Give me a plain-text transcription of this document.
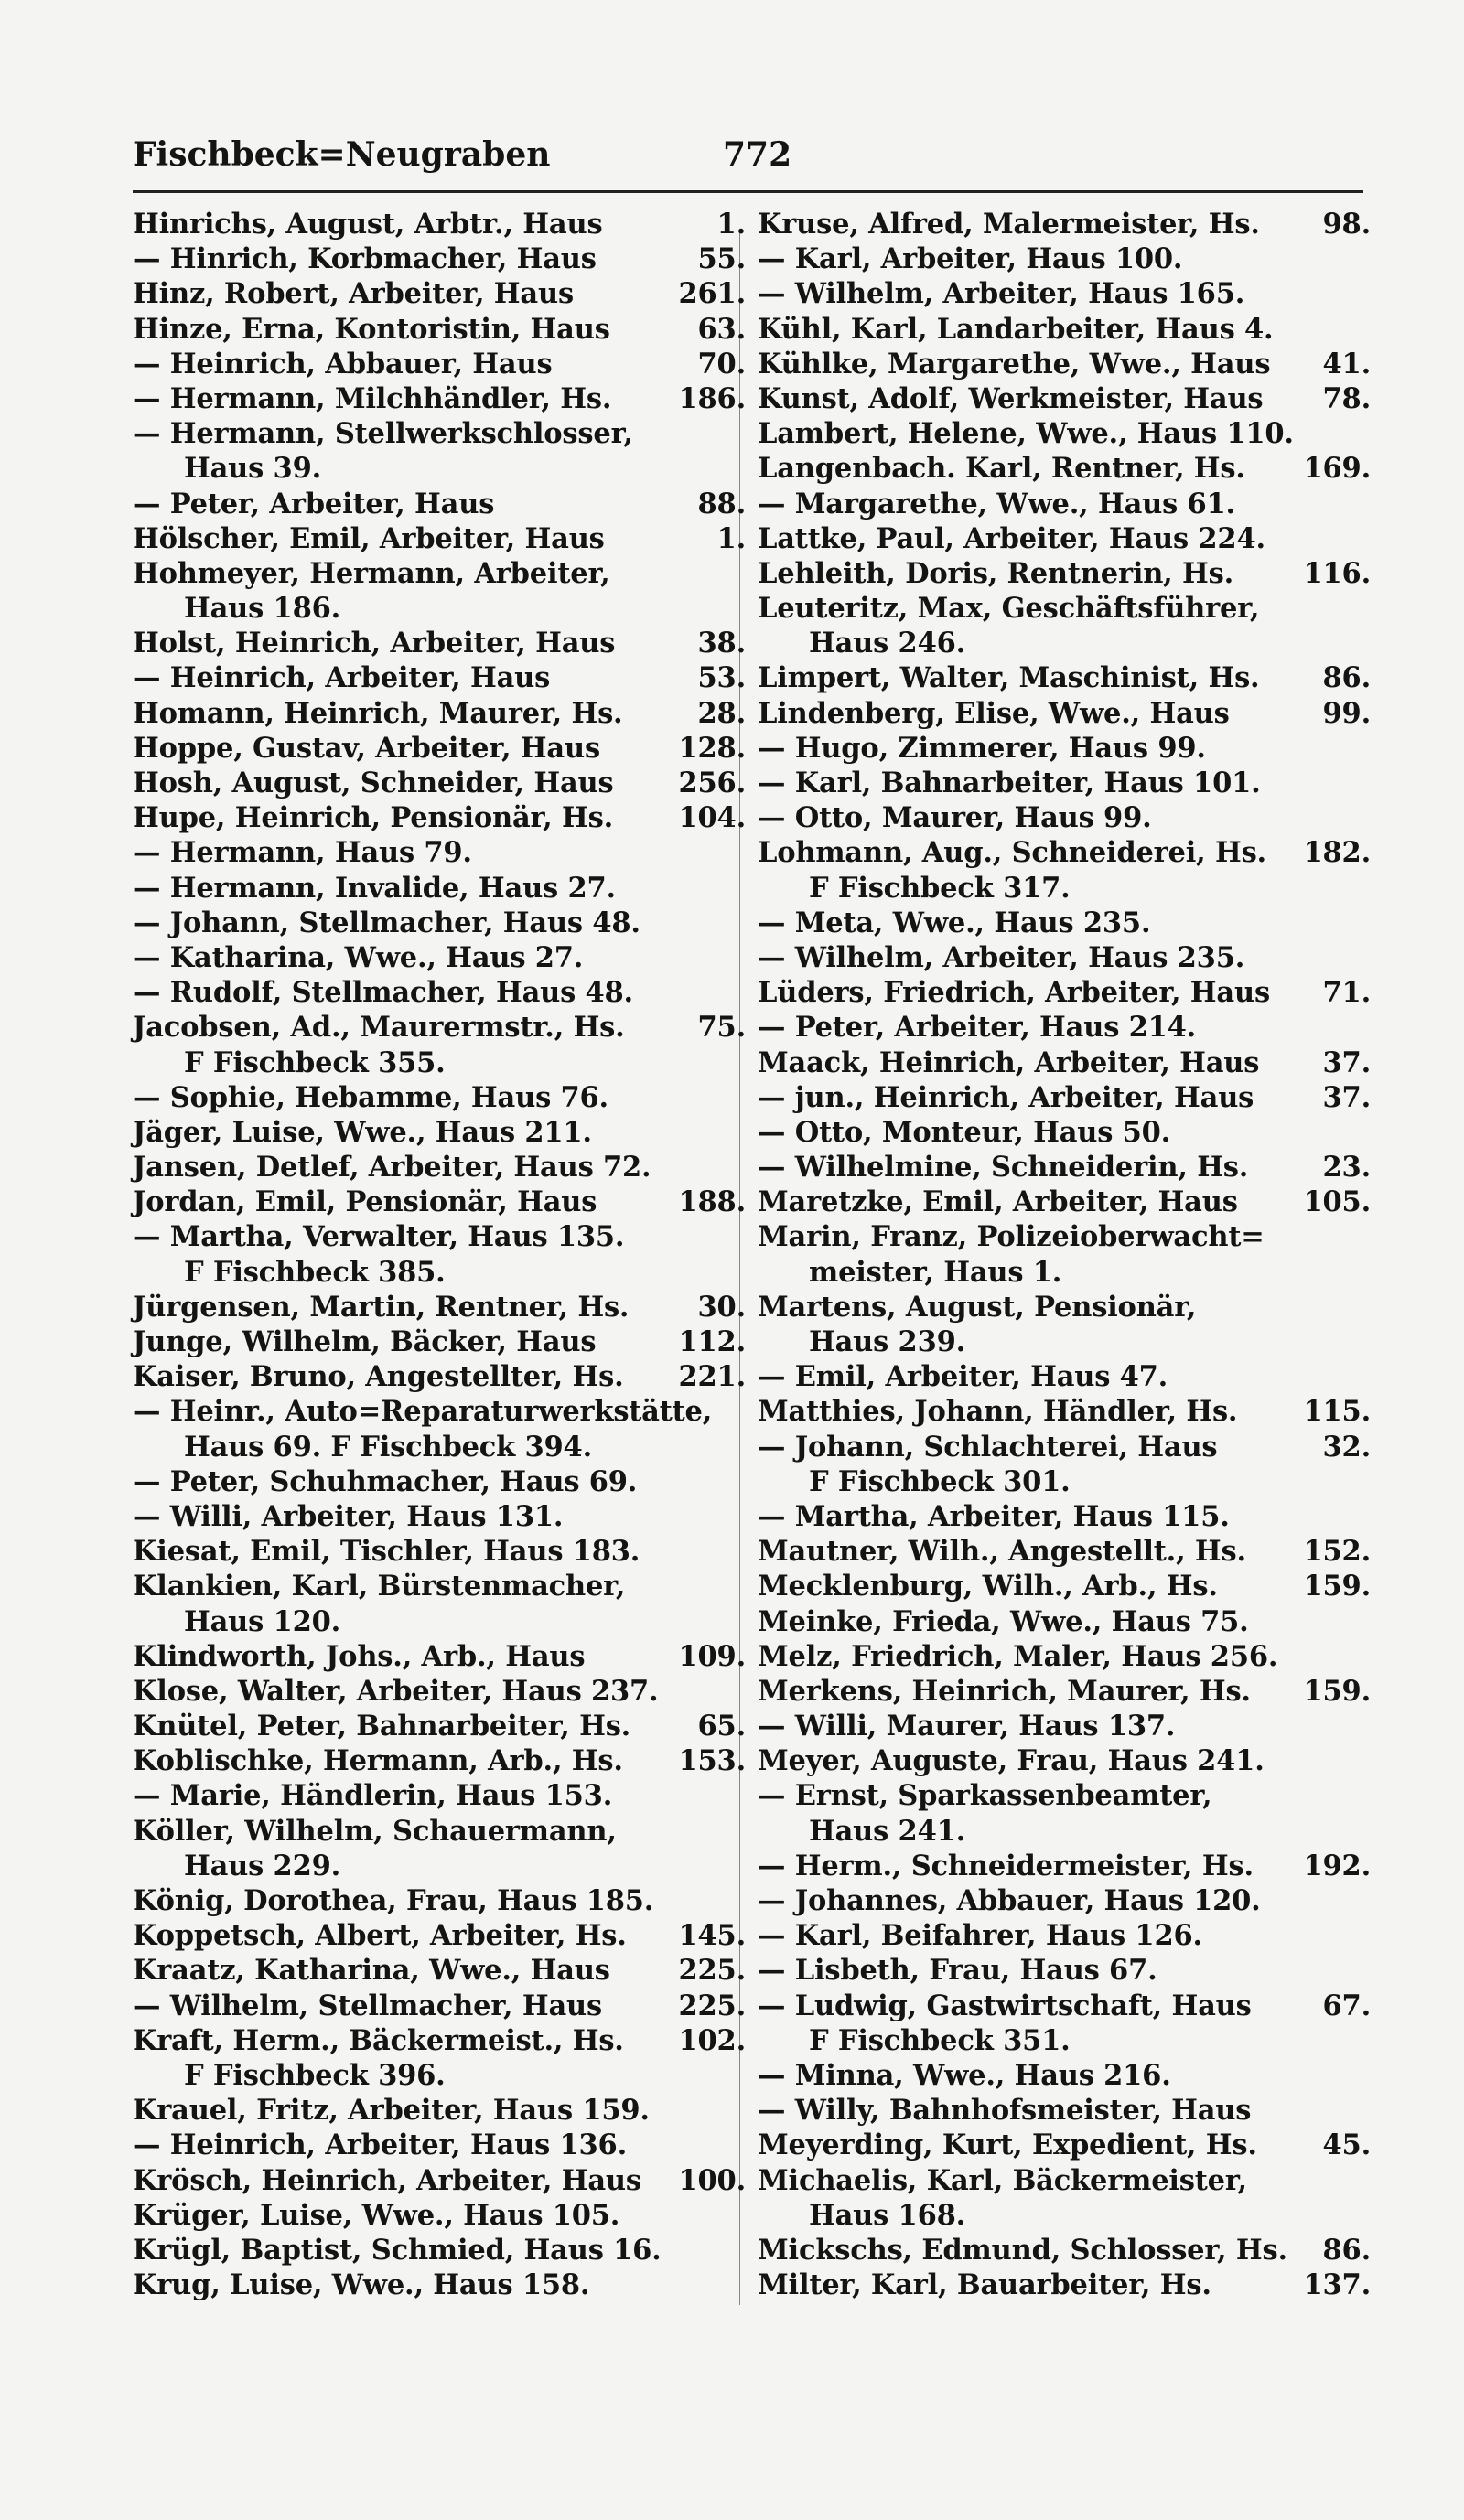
Fischbeck=Neugraben	772
Hinrichs, August, Arbtr., Haus	1.
— Hinrich, Korbmacher, Haus	55.
Hinz, Robert, Arbeiter, Haus	261.
Hinze, Erna, Kontoristin, Haus	63.
— Heinrich, Abbauer, Haus	70.
— Hermann, Milchhändler, Hs. 186.
— Hermann, Stellwerkschlosser,
Haus 39.
— Peter, Arbeiter, Haus	88.
Hölscher, Emil, Arbeiter, Haus	1.
Hohmeyer, Hermann, Arbeiter,
Haus 186.
Holst, Heinrich, Arbeiter, Haus	38.
— Heinrich, Arbeiter, Haus	53.
Homann, Heinrich, Maurer, Hs.	28.
Hoppe, Gustav, Arbeiter, Haus	128.
Hosh, August, Schneider, Haus 256.
Hupe, Heinrich, Pensionär, Hs. 104.
— Hermann, Haus 79.
— Hermann, Invalide, Haus 27.
— Johann, Stellmacher, Haus 48.
— Katharina, Wwe., Haus 27.
— Rudolf, Stellmacher, Haus 48.
Jacobsen, Ad., Maurermstr., Hs.	75.
F Fischbeck 355.
— Sophie, Hebamme, Haus 76.
Jäger, Luise, Wwe., Haus 211.
Jansen, Detlef, Arbeiter, Haus 72.
Jordan, Emil, Pensionär, Haus	188.
— Martha, Verwalter, Haus 135.
F Fischbeck 385.
Jürgensen, Martin, Rentner, Hs. 30.
Junge, Wilhelm, Bäcker, Haus	112.
Kaiser, Bruno, Angestellter, Hs. 221.
— Heinr., Auto=Reparaturwerkstätte,
Haus 69. F Fischbeck 394.
— Peter, Schuhmacher, Haus 69.
— Willi, Arbeiter, Haus 131.
Kiesat, Emil, Tischler, Haus 183.
Klankien, Karl, Bürstenmacher,
Haus 120.
Klindworth, Johs., Arb., Haus	109.
Klose, Walter, Arbeiter, Haus 237.
Knütel, Peter, Bahnarbeiter, Hs. 65.
Koblischke, Hermann, Arb., Hs. 153.
— Marie, Händlerin, Haus 153.
Köller, Wilhelm, Schauermann,
Haus 229.
König, Dorothea, Frau, Haus 185.
Koppetsch, Albert, Arbeiter, Hs. 145.
Kraatz, Katharina, Wwe., Haus 225.
— Wilhelm, Stellmacher, Haus	225.
Kraft, Herm., Bäckermeist., Hs. 102.
F Fischbeck 396.
Krauel, Fritz, Arbeiter, Haus 159.
— Heinrich, Arbeiter, Haus 136.
Krösch, Heinrich, Arbeiter, Haus 100.
Krüger, Luise, Wwe., Haus 105.
Krügl, Baptist, Schmied, Haus 16.
Krug, Luise, Wwe., Haus 158.
Kruse, Alfred, Malermeister, Hs. 98.
— Karl, Arbeiter, Haus 100.
— Wilhelm, Arbeiter, Haus 165.
Kühl, Karl, Landarbeiter, Haus 4.
Kühlke, Margarethe, Wwe., Haus 41.
Kunst, Adolf, Werkmeister, Haus 78.
Lambert, Helene, Wwe., Haus 110.
Langenbach. Karl, Rentner, Hs. 169.
— Margarethe, Wwe., Haus 61.
Lattke, Paul, Arbeiter, Haus 224.
Lehleith, Doris, Rentnerin, Hs.	116.
Leuteritz, Max, Geschäftsführer,
Haus 246.
Limpert, Walter, Maschinist, Hs. 86.
Lindenberg, Elise, Wwe., Haus	99.
— Hugo, Zimmerer, Haus 99.
— Karl, Bahnarbeiter, Haus 101.
— Otto, Maurer, Haus 99.
Lohmann, Aug., Schneiderei, Hs. 182.
F Fischbeck 317.
— Meta, Wwe., Haus 235.
— Wilhelm, Arbeiter, Haus 235.
Lüders, Friedrich, Arbeiter, Haus 71.
— Peter, Arbeiter, Haus 214.
Maack, Heinrich, Arbeiter, Haus 37.
— jun., Heinrich, Arbeiter, Haus 37.
— Otto, Monteur, Haus 50.
— Wilhelmine, Schneiderin, Hs.	23.
Maretzke, Emil, Arbeiter, Haus 105.
Marin, Franz, Polizeioberwacht=
meister, Haus 1.
Martens, August, Pensionär,
Haus 239.
— Emil, Arbeiter, Haus 47.
Matthies, Johann, Händler, Hs. 115.
— Johann, Schlachterei, Haus	32.
F Fischbeck 301.
— Martha, Arbeiter, Haus 115.
Mautner, Wilh., Angestellt., Hs. 152.
Mecklenburg, Wilh., Arb., Hs.	159.
Meinke, Frieda, Wwe., Haus 75.
Melz, Friedrich, Maler, Haus 256.
Merkens, Heinrich, Maurer, Hs. 159.
— Willi, Maurer, Haus 137.
Meyer, Auguste, Frau, Haus 241.
— Ernst, Sparkassenbeamter,
Haus 241.
— Herm., Schneidermeister, Hs. 192.
— Johannes, Abbauer, Haus 120.
— Karl, Beifahrer, Haus 126.
— Lisbeth, Frau, Haus 67.
— Ludwig, Gastwirtschaft, Haus	67.
F Fischbeck 351.
— Minna, Wwe., Haus 216.
— Willy, Bahnhofsmeister, Haus
Meyerding, Kurt, Expedient, Hs. 45.
Michaelis, Karl, Bäckermeister,
Haus 168.
Mickschs, Edmund, Schlosser, Hs. 86.
Milter, Karl, Bauarbeiter, Hs.	137.
